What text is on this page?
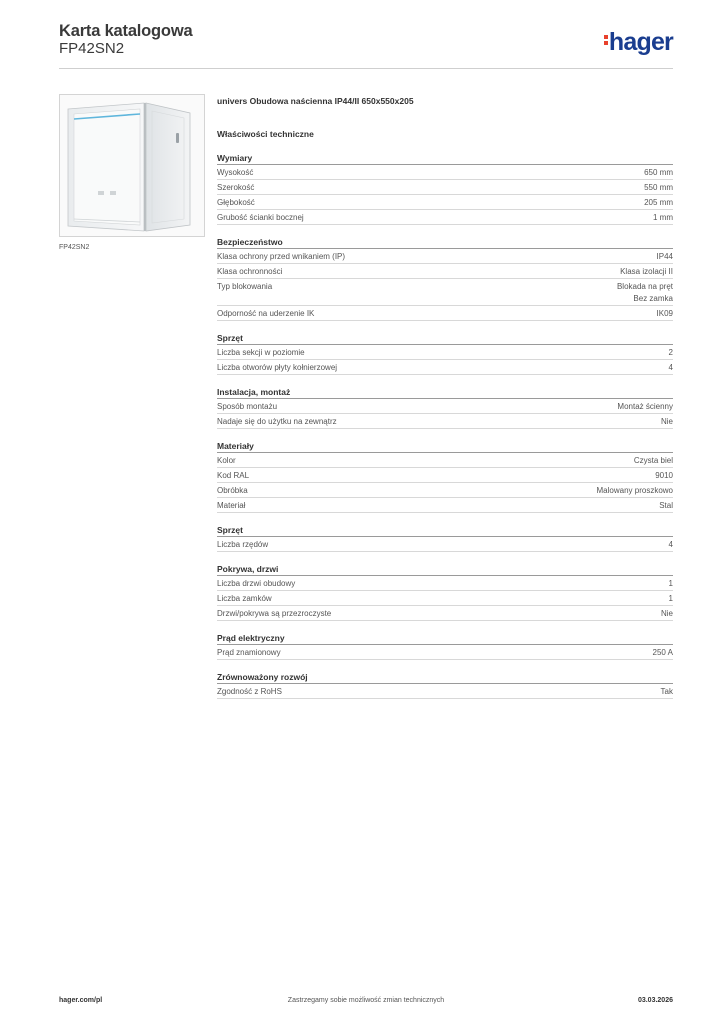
Karta katalogowa
FP42SN2	hager
FP42SN2
univers Obudowa naścienna IP44/II 650x550x205
Właściwości techniczne
Wymiary
Wysokość	650 mm
Szerokość	550 mm
Głębokość	205 mm
Grubość ścianki bocznej	1 mm
Bezpieczeństwo
Klasa ochrony przed wnikaniem (IP)	IP44
Klasa ochronności	Klasa izolacji II
Typ blokowania	Blokada na pręt
Bez zamka
Odporność na uderzenie IK	IK09
Sprzęt
Liczba sekcji w poziomie	2
Liczba otworów płyty kołnierzowej	4
Instalacja, montaż
Sposób montażu	Montaż ścienny
Nadaje się do użytku na zewnątrz	Nie
Materiały
Kolor	Czysta biel
Kod RAL	9010
Obróbka	Malowany proszkowo
Materiał	Stal
Sprzęt
Liczba rzędów	4
Pokrywa, drzwi
Liczba drzwi obudowy	1
Liczba zamków	1
Drzwi/pokrywa są przezroczyste	Nie
Prąd elektryczny
Prąd znamionowy	250 A
Zrównoważony rozwój
Zgodność z RoHS	Tak
hager.com/pl	Zastrzegamy sobie możliwość zmian technicznych	03.03.2026
